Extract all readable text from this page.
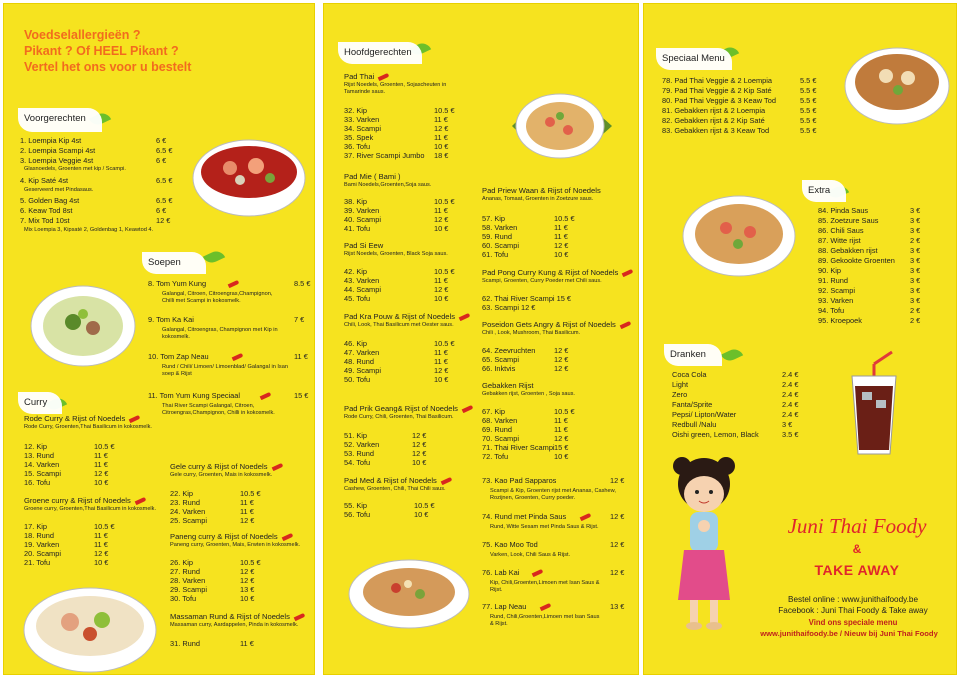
Voedselallergieën ?
Pikant ? Of HEEL Pikant ?
Vertel het ons voor u bestelt
Voorgerechten
1. Loempia Kip 4st	6 €
2. Loempia Scampi 4st	6.5 €
3. Loempia Veggie 4st	6 €
Glasnoedels, Groenten met kip / Scampi.
4. Kip Saté 4st	6.5 €
Geserveerd met Pindasaus.
5. Golden Bag 4st	6.5 €
6. Keaw Tod 8st	6 €
7. Mix Tod 10st	12 €
Mix Loempia 3, Kipsaté 2, Goldenbag 1, Keawtod 4.
Soepen
8. Tom Yum Kung	8.5 €
Galangal, Citroen, Citroengras,Champignon, Chilli met Scampi in kokosmelk.
9. Tom Ka Kai	7 €
Galangal, Citroengras, Champignon met Kip in kokosmelk.
10. Tom Zap Neau	11 €
Rund / Chili/ Limoen/ Limoenblad/ Galangal in Isan soep & Rijst
11. Tom Yum Kung Speciaal	15 €
Thai River Scampi Galangal, Citroen, Citroengras,Champignon, Chilli in kokosmelk.
Curry
Rode Curry & Rijst of Noedels
Rode Curry, Groenten,Thai Basilicum in kokosmelk.
12. Kip	10.5 €
13. Rund	11 €
14. Varken	11 €
15. Scampi	12 €
16. Tofu	10 €
Groene curry & Rijst of Noedels
Groene curry, Groenten,Thai Basilicum in kokosmelk.
17. Kip	10.5 €
18. Rund	11 €
19. Varken	11 €
20. Scampi	12 €
21. Tofu	10 €
Gele curry & Rijst of Noedels
Gele curry, Groenten, Mais in kokosmelk.
22. Kip	10.5 €
23. Rund	11 €
24. Varken	11 €
25. Scampi	12 €
Paneng curry & Rijst of Noedels
Paneng curry, Groenten, Mais, Erwten in kokosmelk.
26. Kip	10.5 €
27. Rund	12 €
28. Varken	12 €
29. Scampi	13 €
30. Tofu	10 €
Massaman Rund & Rijst of Noedels
Massaman curry, Aardappelen, Pinda in kokosmelk.
31. Rund	11 €
Hoofdgerechten
Pad Thai
Rijst Noedels, Groenten, Sojascheuten in Tamarinde saus.
32. Kip	10.5 €
33. Varken	11 €
34. Scampi	12 €
35. Spek	11 €
36. Tofu	10 €
37. River Scampi Jumbo 18 €
Pad Mie ( Bami )
Bami Noedels,Groenten,Soja saus.
38. Kip	10.5 €
39. Varken	11 €
40. Scampi	12 €
41. Tofu	10 €
Pad Si Eew
Rijst Noedels, Groenten, Black Soja saus.
42. Kip	10.5 €
43. Varken	11 €
44. Scampi	12 €
45. Tofu	10 €
Pad Kra Pouw & Rijst of Noedels
Chili, Look, Thai Basilicum met Oester saus.
46. Kip	10.5 €
47. Varken	11 €
48. Rund	11 €
49. Scampi	12 €
50. Tofu	10 €
Pad Prik Geang& Rijst of Noedels
Rode Curry, Chili, Groenten, Thai Basilicum.
51. Kip	12 €
52. Varken	12 €
53. Rund	12 €
54. Tofu	10 €
Pad Med & Rijst of Noedels
Cashew, Groenten, Chili, Thai Chili saus.
55. Kip	10.5 €
56. Tofu	10 €
Pad Priew Waan & Rijst of Noedels
Ananas, Tomaat, Groenten in Zoetzure saus.
57. Kip	10.5 €
58. Varken	11 €
59. Rund	11 €
60. Scampi	12 €
61. Tofu	10 €
Pad Pong Curry Kung & Rijst of Noedels
Scampi, Groenten, Curry Poeder met Chili saus.
62. Thai River Scampi 15 €
63. Scampi 12 €
Poseidon Gets Angry & Rijst of Noedels
Chili , Look, Mushroom, Thai Basilicum.
64. Zeevruchten	12 €
65. Scampi	12 €
66. Inktvis	12 €
Gebakken Rijst
Gebakken rijst, Groenten , Soja saus.
67. Kip	10.5 €
68. Varken	11 €
69. Rund	11 €
70. Scampi	12 €
71. Thai River Scampi 15 €
72. Tofu	10 €
73. Kao Pad Sapparos	12 €
Scampi & Kip, Groenten rijst met Ananas, Cashew, Rozijnen, Groenten, Curry poeder.
74. Rund met Pinda Saus	12 €
Rund, Witte Sesam met Pinda Saus & Rijst.
75. Kao Moo Tod	12 €
Varken, Look, Chili Saus & Rijst.
76. Lab Kai	12 €
Kip, Chili,Groenten,Limoen met Isan Saus & Rijst.
77. Lap Neau	13 €
Rund, Chili,Groenten,Limoen met Isan Saus & Rijst.
Speciaal Menu
78. Pad Thai Veggie & 2 Loempia	5.5 €
79. Pad Thai Veggie & 2 Kip Saté	5.5 €
80. Pad Thai Veggie & 3 Keaw Tod	5.5 €
81. Gebakken rijst & 2 Loempia	5.5 €
82. Gebakken rijst & 2 Kip Saté	5.5 €
83. Gebakken rijst & 3 Keaw Tod	5.5 €
Extra
84. Pinda Saus	3 €
85. Zoetzure Saus	3 €
86. Chili Saus	3 €
87. Witte rijst	2 €
88. Gebakken rijst	3 €
89. Gekookte Groenten 3 €
90. Kip	3 €
91. Rund	3 €
92. Scampi	3 €
93. Varken	3 €
94. Tofu	2 €
95. Kroepoek	2 €
Dranken
Coca Cola	2.4 €
Light	2.4 €
Zero	2.4 €
Fanta/Sprite	2.4 €
Pepsi/ Lipton/Water	2.4 €
Redbull /Nalu	3 €
Oishi green, Lemon, Black	3.5 €
Juni Thai Foody
&
TAKE AWAY
Bestel online : www.junithaifoody.be
Facebook : Juni Thai Foody & Take away
Vind ons speciale menu
www.junithaifoody.be / Nieuw bij Juni Thai Foody
